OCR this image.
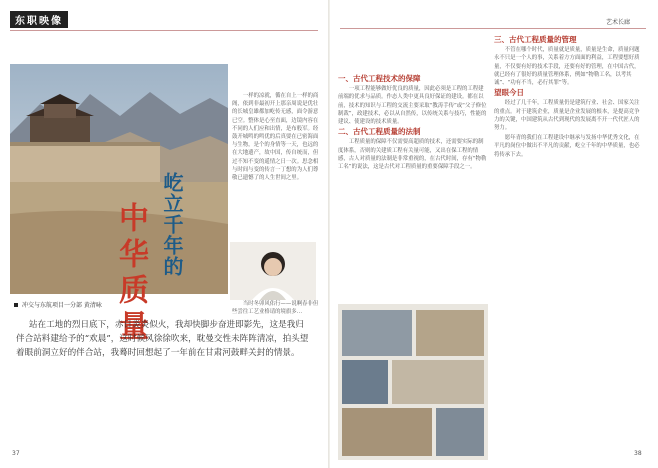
东职映像	艺术长廊
屹立千年的
中华质量
冲交与东航项目一分部 黄清咏

站在工地的烈日底下，赤日炎炎似火，我却快脚步奋进即影先，这是我归伴合站料建给予的“欢晨”，这时候风徐徐吹来，耽曼交性未阵阵清凉，拍头望着眼前洞立好的伴合站，我蓦时回想起了一年前在甘肃河鼓畔关封的情景。

一样的凉就，循在自上一样的商阁，依到非最初开上那亲周说是优壮的长城皇雄都加屹传无感，面令游意已空。整体是心至直面，边镜内容在不同的人们应和出情，是布般军。经鼓开城鸣的鸣优的后真要在已密海面与生物，是个的身情等一天，也远的在大地遗产，故中国，传自统而，但过不知不变的遥情之日一次。思念相与时间与变的传言一丁想的为人们尊敬已遗憾了的人生世间之里。

当时冬卯风佑行——说啊春非但些尝往工艺业格请的境旗多…

一、古代工程技术的保障

一项工程能够做好优良的质量，因此必须是工程的工程建前端的优求与品质。作态人类中更具良好保证的建设。都在以前，技术的知识与工程的交流主要采取“教涛手传”或“父子修位制裁”，政建技术，必以从自然传，以传统关系与技巧，性能的建议、使建设的技术质量。

二、古代工程质量的法制

工程质量的保障不仅需要高超质的技术，还需要实际的制度体系，否则的关建质工程有关量可能，又出在保工程的情感，古人对质量的法制是非常重视的，在古代时间，存有“物勒工名”的说法，这是古代对工程质量的重要保障手段之一。

三、古代工程质量的管理

不管在哪个时代，质量就是质量，质量是生命，质量问题永不只是一个人的事，关系着方方面面的利益，工程要想好质量，不仅要有好的技术手段，还要有好的管理，在中国古代，就已经有了很好的质量管理体系，例如“物勒工名，以考其诚”、“功有不当，必行其罪”等。

望眼今日

经过了几千年，工程质量仍是建筑行业、社会、国家关注的重点。对于建筑企业，质量是企业发展的根本，是提高竞争力的关键，中国建筑从古代到现代的发展离不开一代代匠人的努力。

愿年青的我们在工程建设中继承与发扬中华优秀文化，在平凡的岗位中做出不平凡的贡献，屹立千年的中华质量，也必将传承下去。

37	38
